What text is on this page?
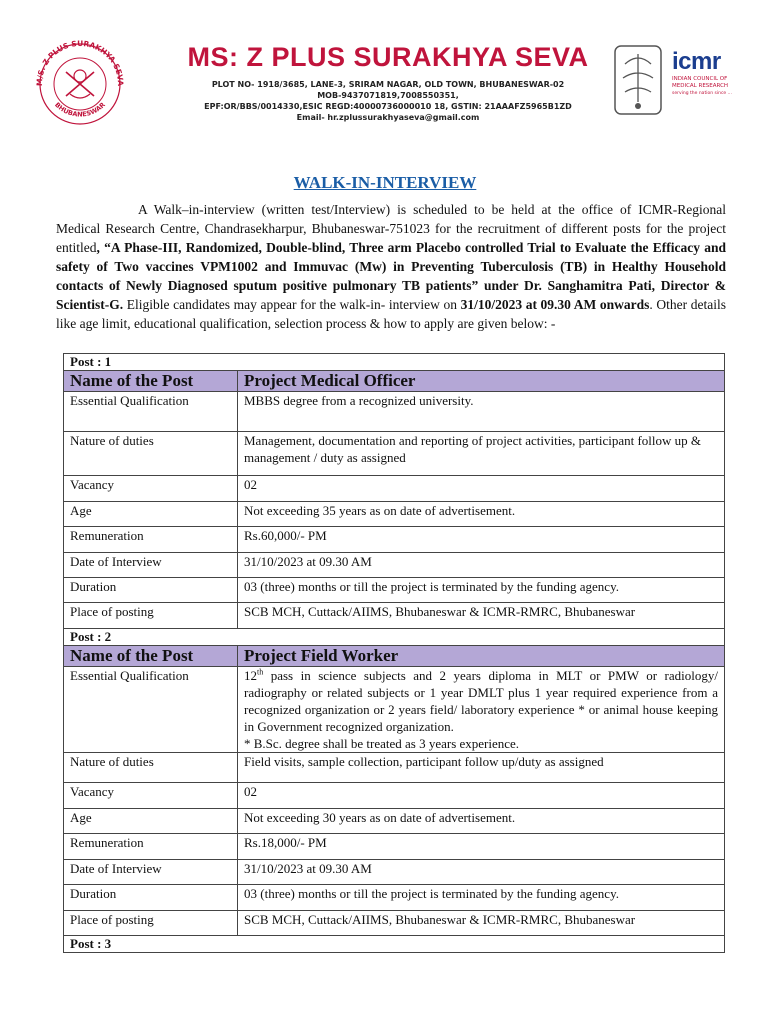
M/S. Z PLUS SURAKHYA SEVA
BHUBANESWAR
MS: Z PLUS SURAKHYA SEVA
PLOT NO- 1918/3685, LANE-3, SRIRAM NAGAR, OLD TOWN, BHUBANESWAR-02
MOB-9437071819,7008550351,
EPF:OR/BBS/0014330,ESIC REGD:40000736000010 18, GSTIN: 21AAAFZ5965B1ZD
Email- hr.zplussurakhyaseva@gmail.com
icmr
INDIAN COUNCIL OF
MEDICAL RESEARCH
serving the nation since ...
WALK-IN-INTERVIEW
A Walk–in-interview (written test/Interview) is scheduled to be held at the office of ICMR-Regional Medical Research Centre, Chandrasekharpur, Bhubaneswar-751023 for the recruitment of different posts for the project entitled, “A Phase-III, Randomized, Double-blind, Three arm Placebo controlled Trial to Evaluate the Efficacy and safety of Two vaccines VPM1002 and Immuvac (Mw) in Preventing Tuberculosis (TB) in Healthy Household contacts of Newly Diagnosed sputum positive pulmonary TB patients” under Dr. Sanghamitra Pati, Director & Scientist-G. Eligible candidates may appear for the walk-in- interview on 31/10/2023 at 09.30 AM onwards. Other details like age limit, educational qualification, selection process & how to apply are given below: -
Post : 1	
Name of the Post	Project Medical Officer
Essential Qualification	MBBS degree from a recognized university.
Nature of duties	Management, documentation and reporting of project activities, participant follow up & management / duty as assigned
Vacancy	02
Age	Not exceeding 35 years as on date of advertisement.
Remuneration	Rs.60,000/- PM
Date of Interview	31/10/2023 at 09.30 AM
Duration	03 (three) months or till the project is terminated by the funding agency.
Place of posting	SCB MCH, Cuttack/AIIMS, Bhubaneswar & ICMR-RMRC, Bhubaneswar
Post : 2	
Name of the Post	Project Field Worker
Essential Qualification	12th pass in science subjects and 2 years diploma in MLT or PMW or radiology/ radiography or related subjects or 1 year DMLT plus 1 year required experience from a recognized organization or 2 years field/ laboratory experience * or animal house keeping in Government recognized organization.
* B.Sc. degree shall be treated as 3 years experience.
Nature of duties	Field visits, sample collection, participant follow up/duty as assigned
Vacancy	02
Age	Not exceeding 30 years as on date of advertisement.
Remuneration	Rs.18,000/- PM
Date of Interview	31/10/2023 at 09.30 AM
Duration	03 (three) months or till the project is terminated by the funding agency.
Place of posting	SCB MCH, Cuttack/AIIMS, Bhubaneswar & ICMR-RMRC, Bhubaneswar
Post : 3	
